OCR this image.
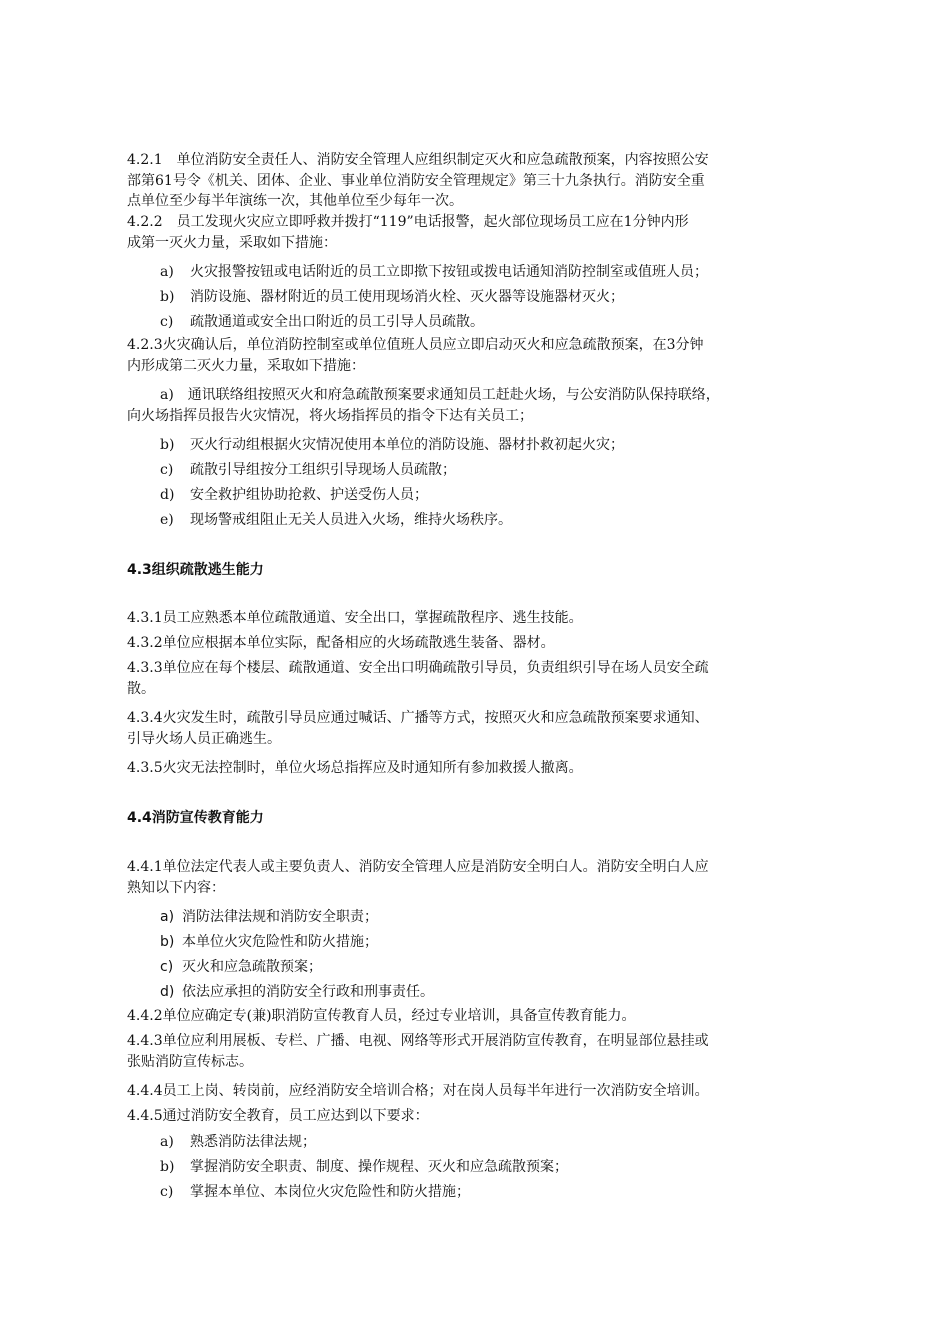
4.2.1　单位消防安全责任人、消防安全管理人应组织制定灭火和应急疏散预案，内容按照公安
部第61号令《机关、团体、企业、事业单位消防安全管理规定》第三十九条执行。消防安全重
点单位至少每半年演练一次，其他单位至少每年一次。

4.2.2　员工发现火灾应立即呼救并拨打“119”电话报警，起火部位现场员工应在1分钟内形
成第一灭火力量，采取如下措施：

a) 火灾报警按钮或电话附近的员工立即揿下按钮或拨电话通知消防控制室或值班人员；

b) 消防设施、器材附近的员工使用现场消火栓、灭火器等设施器材灭火；

c) 疏散通道或安全出口附近的员工引导人员疏散。

4.2.3火灾确认后，单位消防控制室或单位值班人员应立即启动灭火和应急疏散预案，在3分钟
内形成第二灭火力量，采取如下措施：

a)　通讯联络组按照灭火和府急疏散预案要求通知员工赶赴火场，与公安消防队保持联络，
向火场指挥员报告火灾情况，将火场指挥员的指令下达有关员工；

b) 灭火行动组根据火灾情况使用本单位的消防设施、器材扑救初起火灾；

c) 疏散引导组按分工组织引导现场人员疏散；

d) 安全救护组协助抢救、护送受伤人员；

e) 现场警戒组阻止无关人员进入火场，维持火场秩序。

4.3组织疏散逃生能力

4.3.1员工应熟悉本单位疏散通道、安全出口，掌握疏散程序、逃生技能。

4.3.2单位应根据本单位实际，配备相应的火场疏散逃生装备、器材。

4.3.3单位应在每个楼层、疏散通道、安全出口明确疏散引导员，负责组织引导在场人员安全疏
散。

4.3.4火灾发生时，疏散引导员应通过喊话、广播等方式，按照灭火和应急疏散预案要求通知、
引导火场人员正确逃生。

4.3.5火灾无法控制时，单位火场总指挥应及时通知所有参加救援人撤离。

4.4消防宣传教育能力

4.4.1单位法定代表人或主要负责人、消防安全管理人应是消防安全明白人。消防安全明白人应
熟知以下内容：

a) 消防法律法规和消防安全职责；

b) 本单位火灾危险性和防火措施；

c) 灭火和应急疏散预案；

d) 依法应承担的消防安全行政和刑事责任。

4.4.2单位应确定专(兼)职消防宣传教育人员，经过专业培训，具备宣传教育能力。

4.4.3单位应利用展板、专栏、广播、电视、网络等形式开展消防宣传教育，在明显部位悬挂或
张贴消防宣传标志。

4.4.4员工上岗、转岗前，应经消防安全培训合格；对在岗人员每半年进行一次消防安全培训。

4.4.5通过消防安全教育，员工应达到以下要求：

a) 熟悉消防法律法规；

b) 掌握消防安全职责、制度、操作规程、灭火和应急疏散预案；

c) 掌握本单位、本岗位火灾危险性和防火措施；
